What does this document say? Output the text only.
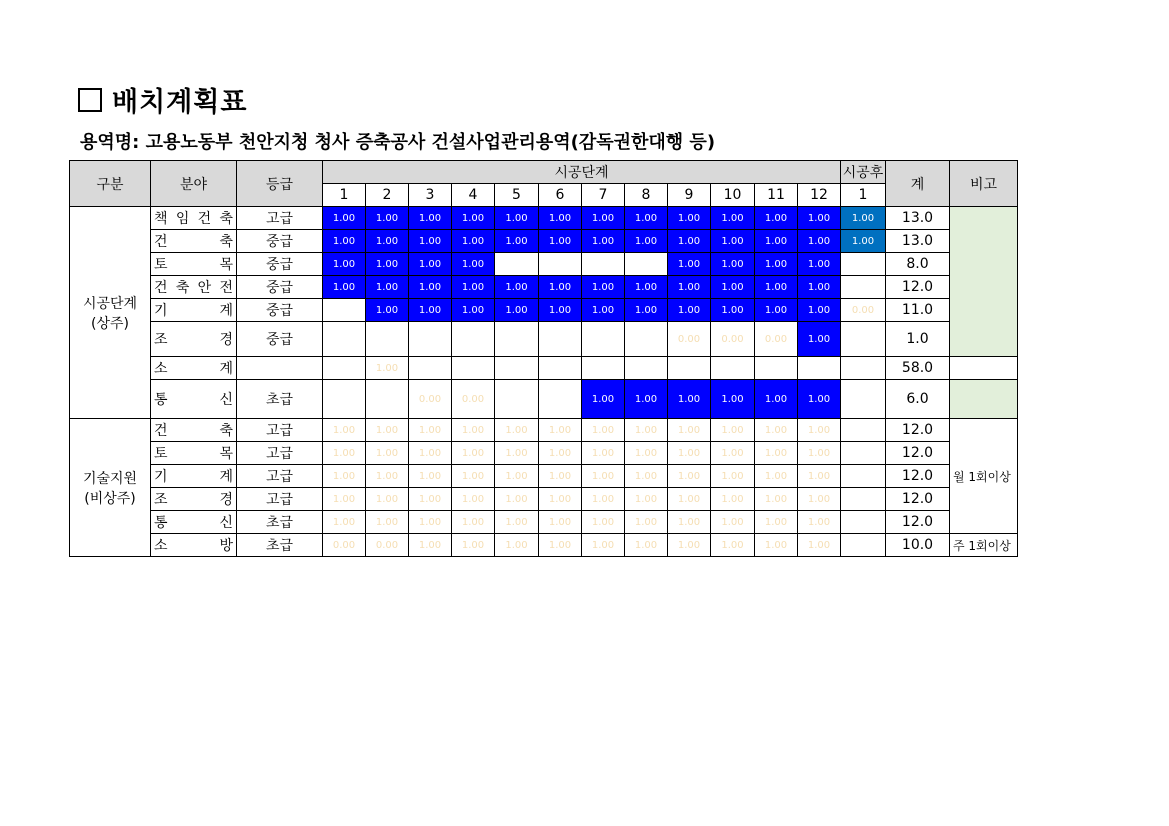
배치계획표
용역명: 고용노동부 천안지청 청사 증축공사 건설사업관리용역(감독권한대행 등)
구분	분야	등급	시공단계												시공후	계	비고
			1	2	3	4	5	6	7	8	9	10	11	12	1		

시공단계
(상주)	책 임 건 축	고급	1.00	1.00	1.00	1.00	1.00	1.00	1.00	1.00	1.00	1.00	1.00	1.00	1.00	13.0	
	건 축	중급	1.00	1.00	1.00	1.00	1.00	1.00	1.00	1.00	1.00	1.00	1.00	1.00	1.00	13.0	
	토 목	중급	1.00	1.00	1.00	1.00					1.00	1.00	1.00	1.00		8.0	
	건 축 안 전	중급	1.00	1.00	1.00	1.00	1.00	1.00	1.00	1.00	1.00	1.00	1.00	1.00		12.0	
	기 계	중급		1.00	1.00	1.00	1.00	1.00	1.00	1.00	1.00	1.00	1.00	1.00	0.00	11.0	
	조 경	중급									0.00	0.00	0.00	1.00		1.0	
	소 계			1.00												58.0	
	통 신	초급			0.00	0.00			1.00	1.00	1.00	1.00	1.00	1.00		6.0	

기술지원
(비상주)	건 축	고급	1.00	1.00	1.00	1.00	1.00	1.00	1.00	1.00	1.00	1.00	1.00	1.00		12.0	월 1회이상
	토 목	고급	1.00	1.00	1.00	1.00	1.00	1.00	1.00	1.00	1.00	1.00	1.00	1.00		12.0	
	기 계	고급	1.00	1.00	1.00	1.00	1.00	1.00	1.00	1.00	1.00	1.00	1.00	1.00		12.0	
	조 경	고급	1.00	1.00	1.00	1.00	1.00	1.00	1.00	1.00	1.00	1.00	1.00	1.00		12.0	
	통 신	초급	1.00	1.00	1.00	1.00	1.00	1.00	1.00	1.00	1.00	1.00	1.00	1.00		12.0	
	소 방	초급	0.00	0.00	1.00	1.00	1.00	1.00	1.00	1.00	1.00	1.00	1.00	1.00		10.0	주 1회이상
